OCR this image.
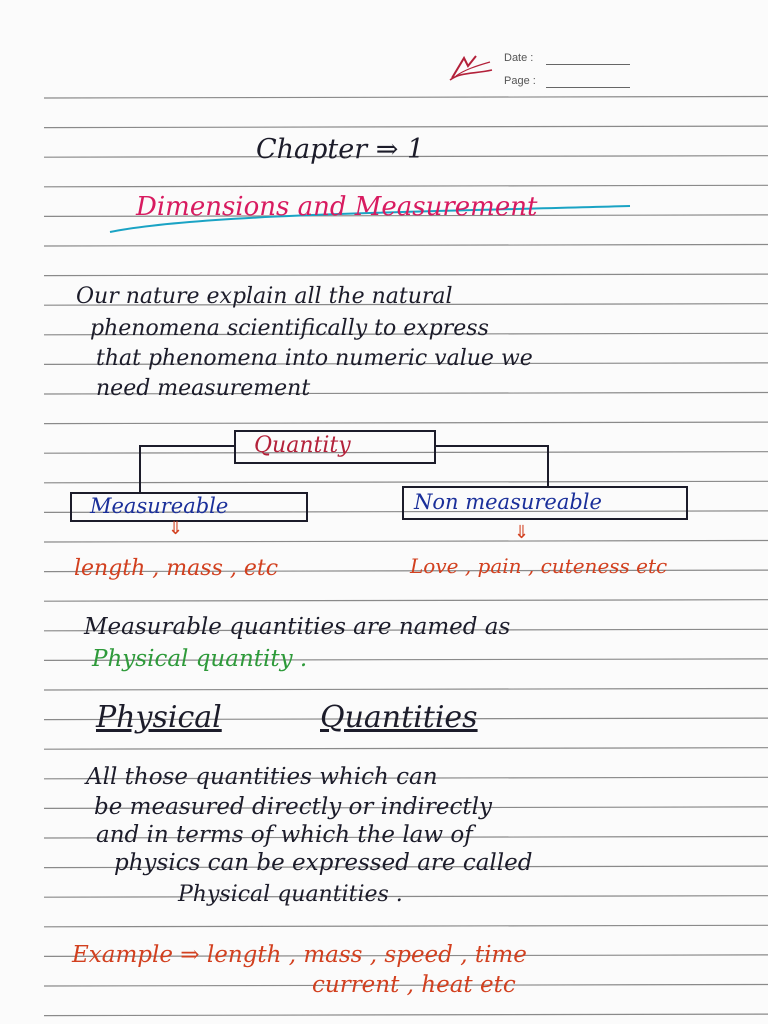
Date :
Page :
Chapter ⇒ 1
Dimensions and Measurement
Our nature explain all the natural
phenomena scientifically to express
that phenomena into numeric value we
need measurement
Quantity
Measureable	Non measureable
⇓	⇓
length , mass , etc	Love , pain , cuteness etc
Measurable quantities are named as
Physical quantity .
Physical	Quantities
All those quantities which can
be measured directly or indirectly
and in terms of which the law of
physics can be expressed are called
Physical quantities .
Example ⇒ length , mass , speed , time
current , heat etc
